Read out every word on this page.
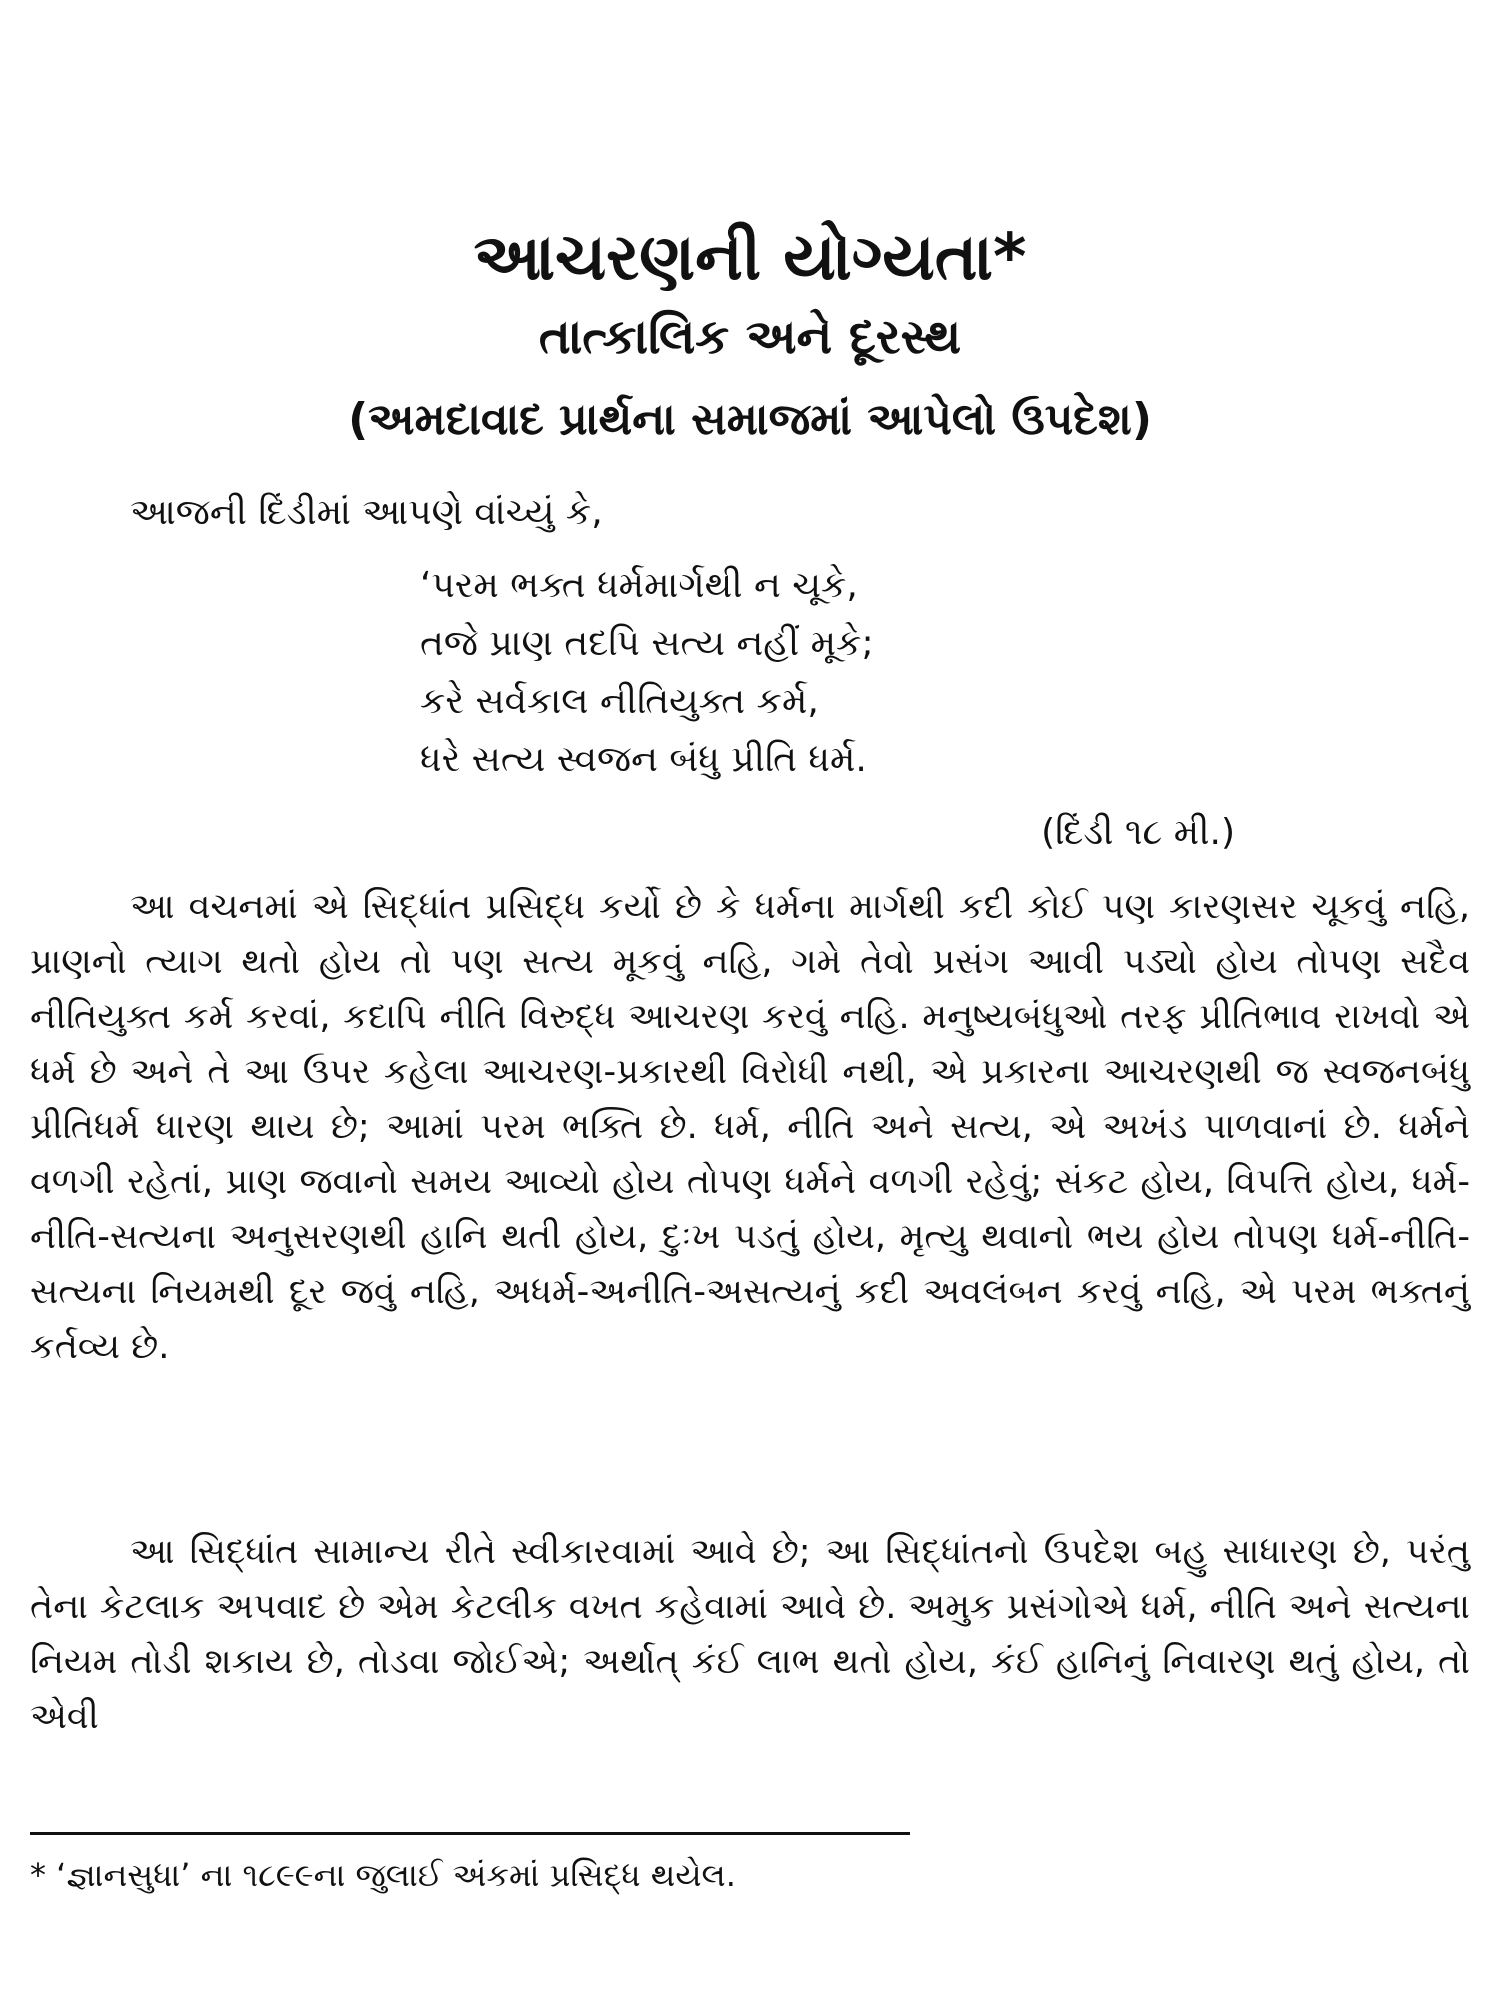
આચરણની યોગ્યતા*
તાત્કાલિક અને દૂરસ્થ
(અમદાવાદ પ્રાર્થના સમાજમાં આપેલો ઉપદેશ)
આજની દિંડીમાં આપણે વાંચ્યું કે,
‘પરમ ભક્ત ધર્મમાર્ગથી ન ચૂકે,
તજે પ્રાણ તદપિ સત્ય નહીં મૂકે;
કરે સર્વકાલ નીતિયુક્ત કર્મ,
ધરે સત્ય સ્વજન બંધુ પ્રીતિ ધર્મ.
(દિંડી ૧૮ મી.)

આ વચનમાં એ સિદ્ધાંત પ્રસિદ્ધ કર્યો છે કે ધર્મના માર્ગથી કદી કોઈ પણ કારણસર ચૂકવું નહિ, પ્રાણનો ત્યાગ થતો હોય તો પણ સત્ય મૂકવું નહિ, ગમે તેવો પ્રસંગ આવી પડ્યો હોય તોપણ સદૈવ નીતિયુક્ત કર્મ કરવાં, કદાપિ નીતિ વિરુદ્ધ આચરણ કરવું નહિ. મનુષ્યબંધુઓ તરફ પ્રીતિભાવ રાખવો એ ધર્મ છે અને તે આ ઉપર કહેલા આચરણ-પ્રકારથી વિરોધી નથી, એ પ્રકારના આચરણથી જ સ્વજનબંધુ પ્રીતિધર્મ ધારણ થાય છે; આમાં પરમ ભક્તિ છે. ધર્મ, નીતિ અને સત્ય, એ અખંડ પાળવાનાં છે. ધર્મને વળગી રહેતાં, પ્રાણ જવાનો સમય આવ્યો હોય તોપણ ધર્મને વળગી રહેવું; સંકટ હોય, વિપત્તિ હોય, ધર્મ-નીતિ-સત્યના અનુસરણથી હાનિ થતી હોય, દુઃખ પડતું હોય, મૃત્યુ થવાનો ભય હોય તોપણ ધર્મ-નીતિ-સત્યના નિયમથી દૂર જવું નહિ, અધર્મ-અનીતિ-અસત્યનું કદી અવલંબન કરવું નહિ, એ પરમ ભક્તનું કર્તવ્ય છે.

આ સિદ્ધાંત સામાન્ય રીતે સ્વીકારવામાં આવે છે; આ સિદ્ધાંતનો ઉપદેશ બહુ સાધારણ છે, પરંતુ તેના કેટલાક અપવાદ છે એમ કેટલીક વખત કહેવામાં આવે છે. અમુક પ્રસંગોએ ધર્મ, નીતિ અને સત્યના નિયમ તોડી શકાય છે, તોડવા જોઈએ; અર્થાત્ કંઈ લાભ થતો હોય, કંઈ હાનિનું નિવારણ થતું હોય, તો એવી

* ‘જ્ઞાનસુધા’ ના ૧૮૯૯ના જુલાઈ અંકમાં પ્રસિદ્ધ થયેલ.
